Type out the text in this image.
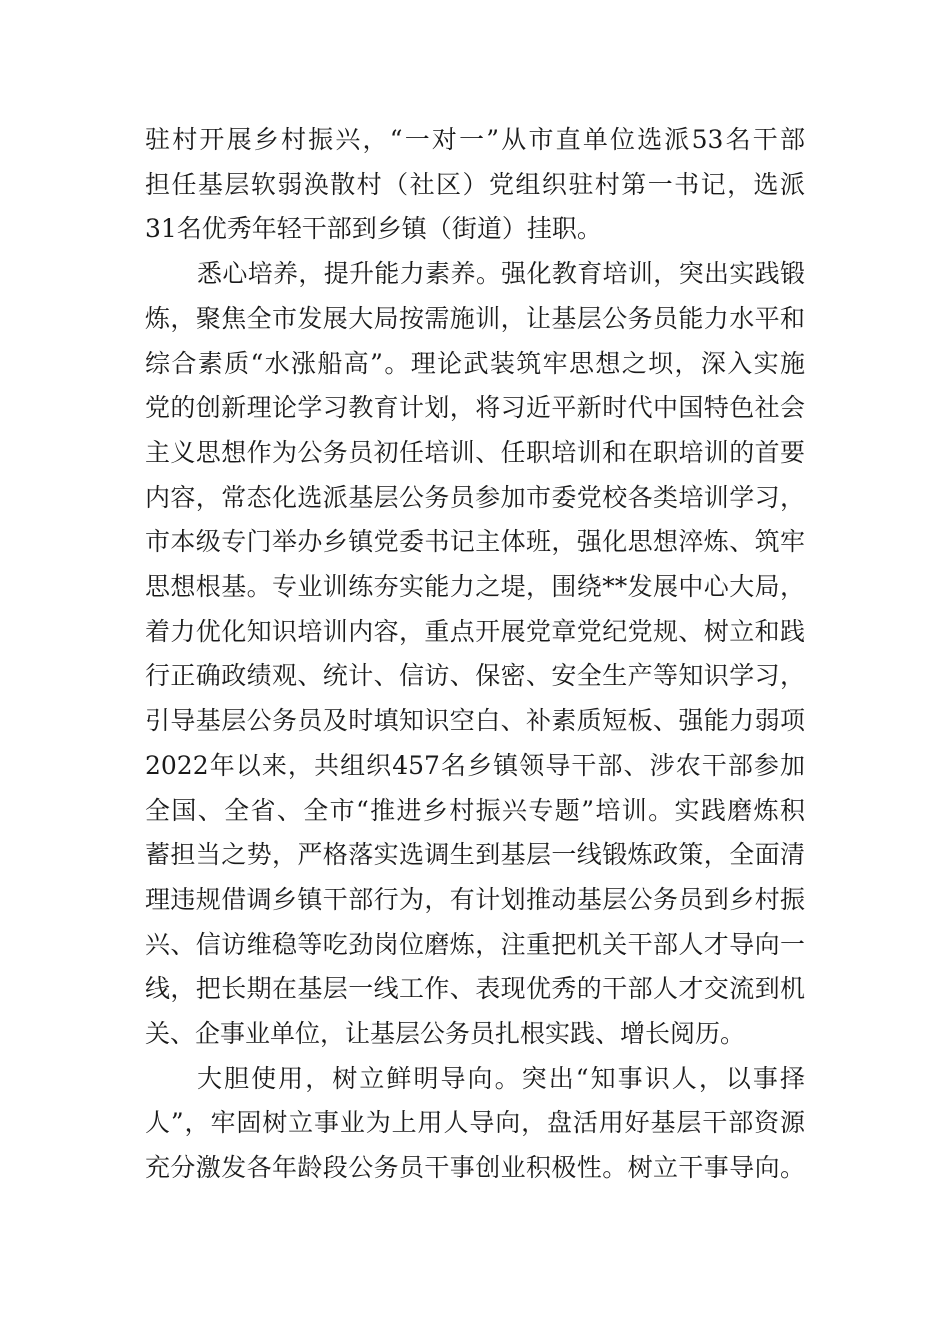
驻村开展乡村振兴，“一对一”从市直单位选派53名干部
担任基层软弱涣散村（社区）党组织驻村第一书记，选派
31名优秀年轻干部到乡镇（街道）挂职。
悉心培养，提升能力素养。强化教育培训，突出实践锻
炼，聚焦全市发展大局按需施训，让基层公务员能力水平和
综合素质“水涨船高”。理论武装筑牢思想之坝，深入实施
党的创新理论学习教育计划，将习近平新时代中国特色社会
主义思想作为公务员初任培训、任职培训和在职培训的首要
内容，常态化选派基层公务员参加市委党校各类培训学习，
市本级专门举办乡镇党委书记主体班，强化思想淬炼、筑牢
思想根基。专业训练夯实能力之堤，围绕**发展中心大局，
着力优化知识培训内容，重点开展党章党纪党规、树立和践
行正确政绩观、统计、信访、保密、安全生产等知识学习，
引导基层公务员及时填知识空白、补素质短板、强能力弱项
2022年以来，共组织457名乡镇领导干部、涉农干部参加
全国、全省、全市“推进乡村振兴专题”培训。实践磨炼积
蓄担当之势，严格落实选调生到基层一线锻炼政策，全面清
理违规借调乡镇干部行为，有计划推动基层公务员到乡村振
兴、信访维稳等吃劲岗位磨炼，注重把机关干部人才导向一
线，把长期在基层一线工作、表现优秀的干部人才交流到机
关、企事业单位，让基层公务员扎根实践、增长阅历。
大胆使用，树立鲜明导向。突出“知事识人，以事择
人”，牢固树立事业为上用人导向，盘活用好基层干部资源
充分激发各年龄段公务员干事创业积极性。树立干事导向。
